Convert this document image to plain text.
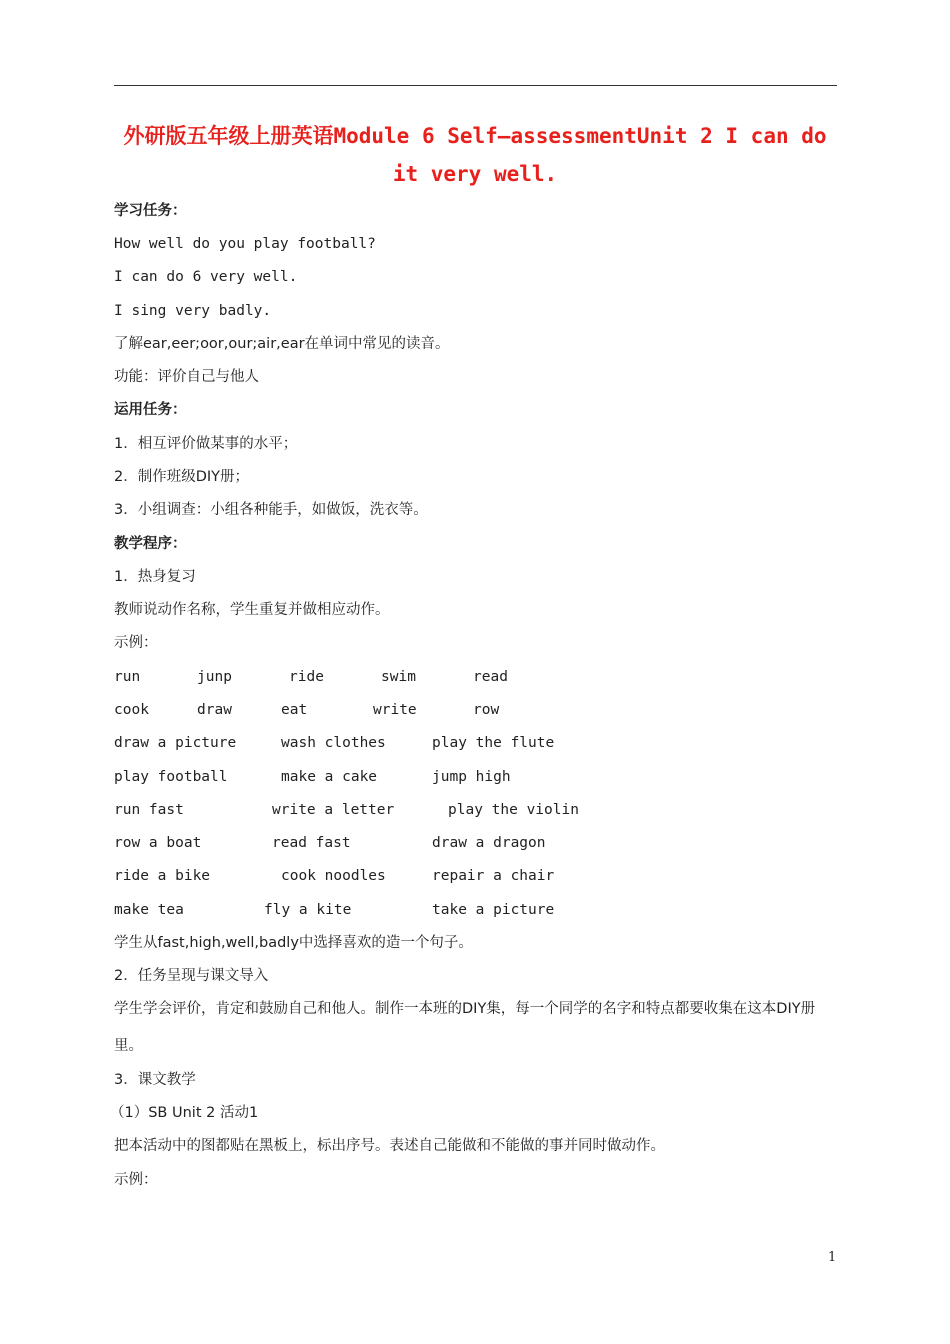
外研版五年级上册英语Module 6 Self—assessmentUnit 2 I can do it very well.
学习任务：
How well do you play football?
I can do 6 very well.
I sing very badly.
了解ear,eer;oor,our;air,ear在单词中常见的读音。
功能：评价自己与他人
运用任务：
1．相互评价做某事的水平；
2．制作班级DIY册；
3．小组调查：小组各种能手，如做饭，洗衣等。
教学程序：
1．热身复习
教师说动作名称，学生重复并做相应动作。
示例：
run	junp	ride	swim	read
cook	draw	eat	write	row
draw a picture	wash clothes	play the flute
play football	make a cake	jump high
run fast	write a letter	play the violin
row a boat	read fast	draw a dragon
ride a bike	cook noodles	repair a chair
make tea	fly a kite	take a picture
学生从fast,high,well,badly中选择喜欢的造一个句子。
2．任务呈现与课文导入
学生学会评价，肯定和鼓励自己和他人。制作一本班的DIY集，每一个同学的名字和特点都要收集在这本DIY册里。
3．课文教学
（1）SB Unit 2 活动1
把本活动中的图都贴在黑板上，标出序号。表述自己能做和不能做的事并同时做动作。
示例：
1
